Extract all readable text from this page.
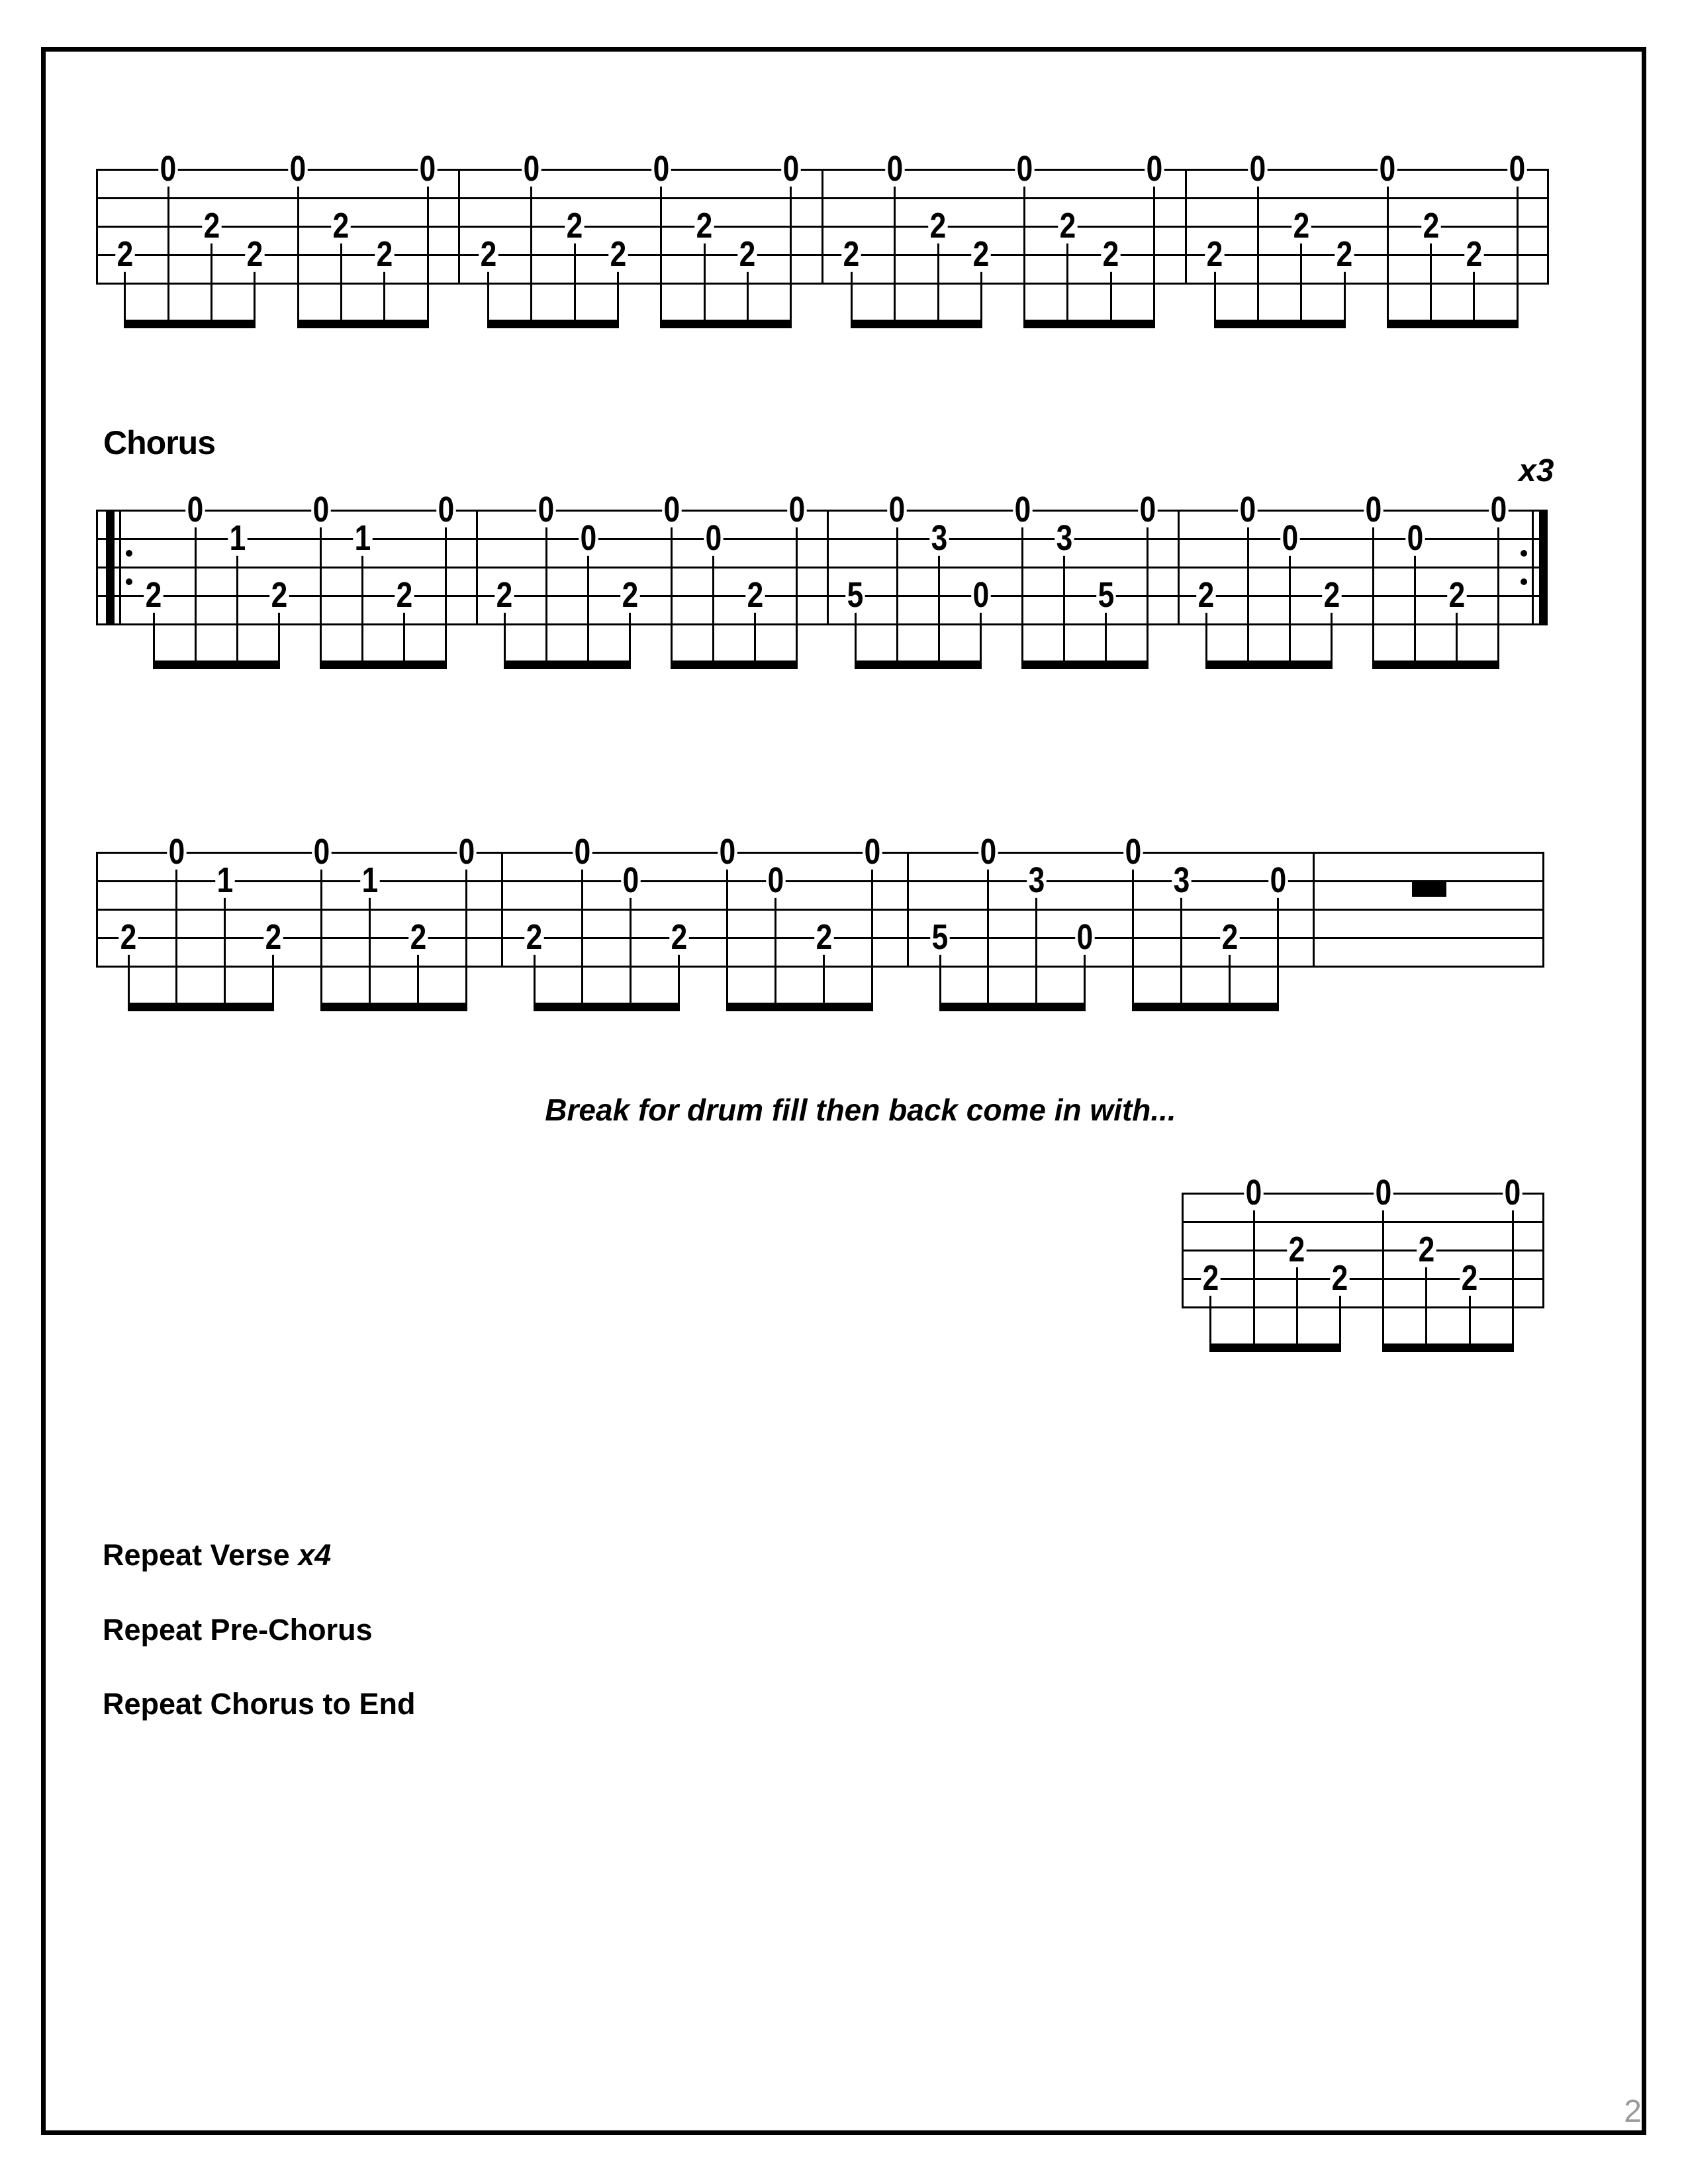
2
0
2
2
0
2
2
0
2
0
2
2
0
2
2
0
2
0
2
2
0
2
2
0
2
0
2
2
0
2
2
0
2
0
1
2
0
1
2
0
2
0
0
2
0
0
2
0
5
0
3
0
0
3
5
0
2
0
0
2
0
0
2
0
2
0
1
2
0
1
2
0
2
0
0
2
0
0
2
0
5
0
3
0
0
3
2
0
2
0
2
2
0
2
2
0
Chorus
x3
Break for drum fill then back come in with...
Repeat Verse x4
Repeat Pre-Chorus
Repeat Chorus to End
2
